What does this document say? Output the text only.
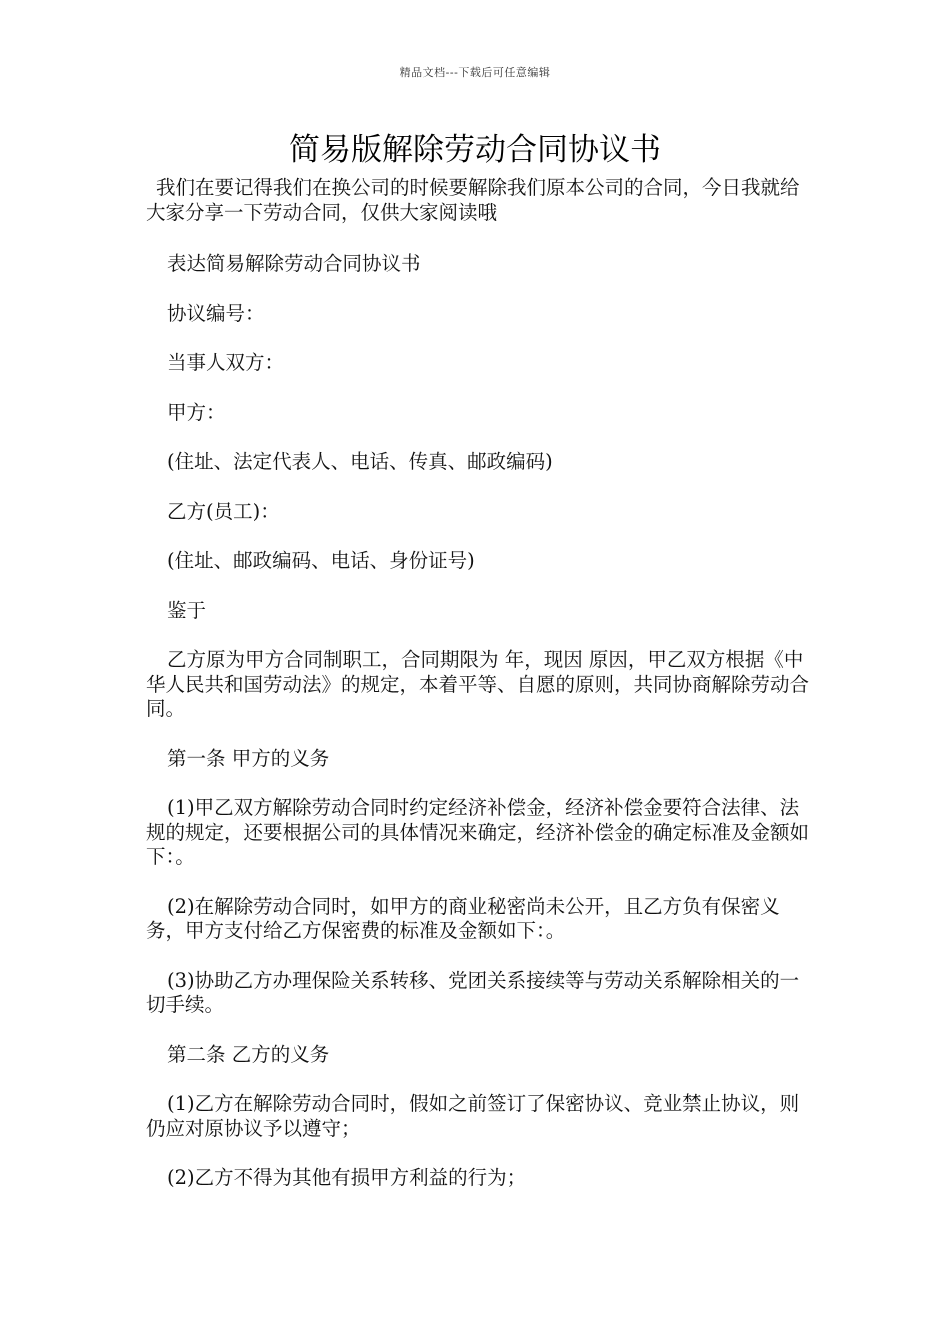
精品文档---下载后可任意编辑
简易版解除劳动合同协议书

我们在要记得我们在换公司的时候要解除我们原本公司的合同，今日我就给大家分享一下劳动合同，仅供大家阅读哦

表达简易解除劳动合同协议书

协议编号：

当事人双方：

甲方：

(住址、法定代表人、电话、传真、邮政编码)

乙方(员工)：

(住址、邮政编码、电话、身份证号)

鉴于

乙方原为甲方合同制职工，合同期限为 年，现因 原因，甲乙双方根据《中华人民共和国劳动法》的规定，本着平等、自愿的原则，共同协商解除劳动合同。

第一条 甲方的义务

(1)甲乙双方解除劳动合同时约定经济补偿金，经济补偿金要符合法律、法规的规定，还要根据公司的具体情况来确定，经济补偿金的确定标准及金额如下：。

(2)在解除劳动合同时，如甲方的商业秘密尚未公开，且乙方负有保密义务，甲方支付给乙方保密费的标准及金额如下：。

(3)协助乙方办理保险关系转移、党团关系接续等与劳动关系解除相关的一切手续。

第二条 乙方的义务

(1)乙方在解除劳动合同时，假如之前签订了保密协议、竞业禁止协议，则仍应对原协议予以遵守；

(2)乙方不得为其他有损甲方利益的行为；
